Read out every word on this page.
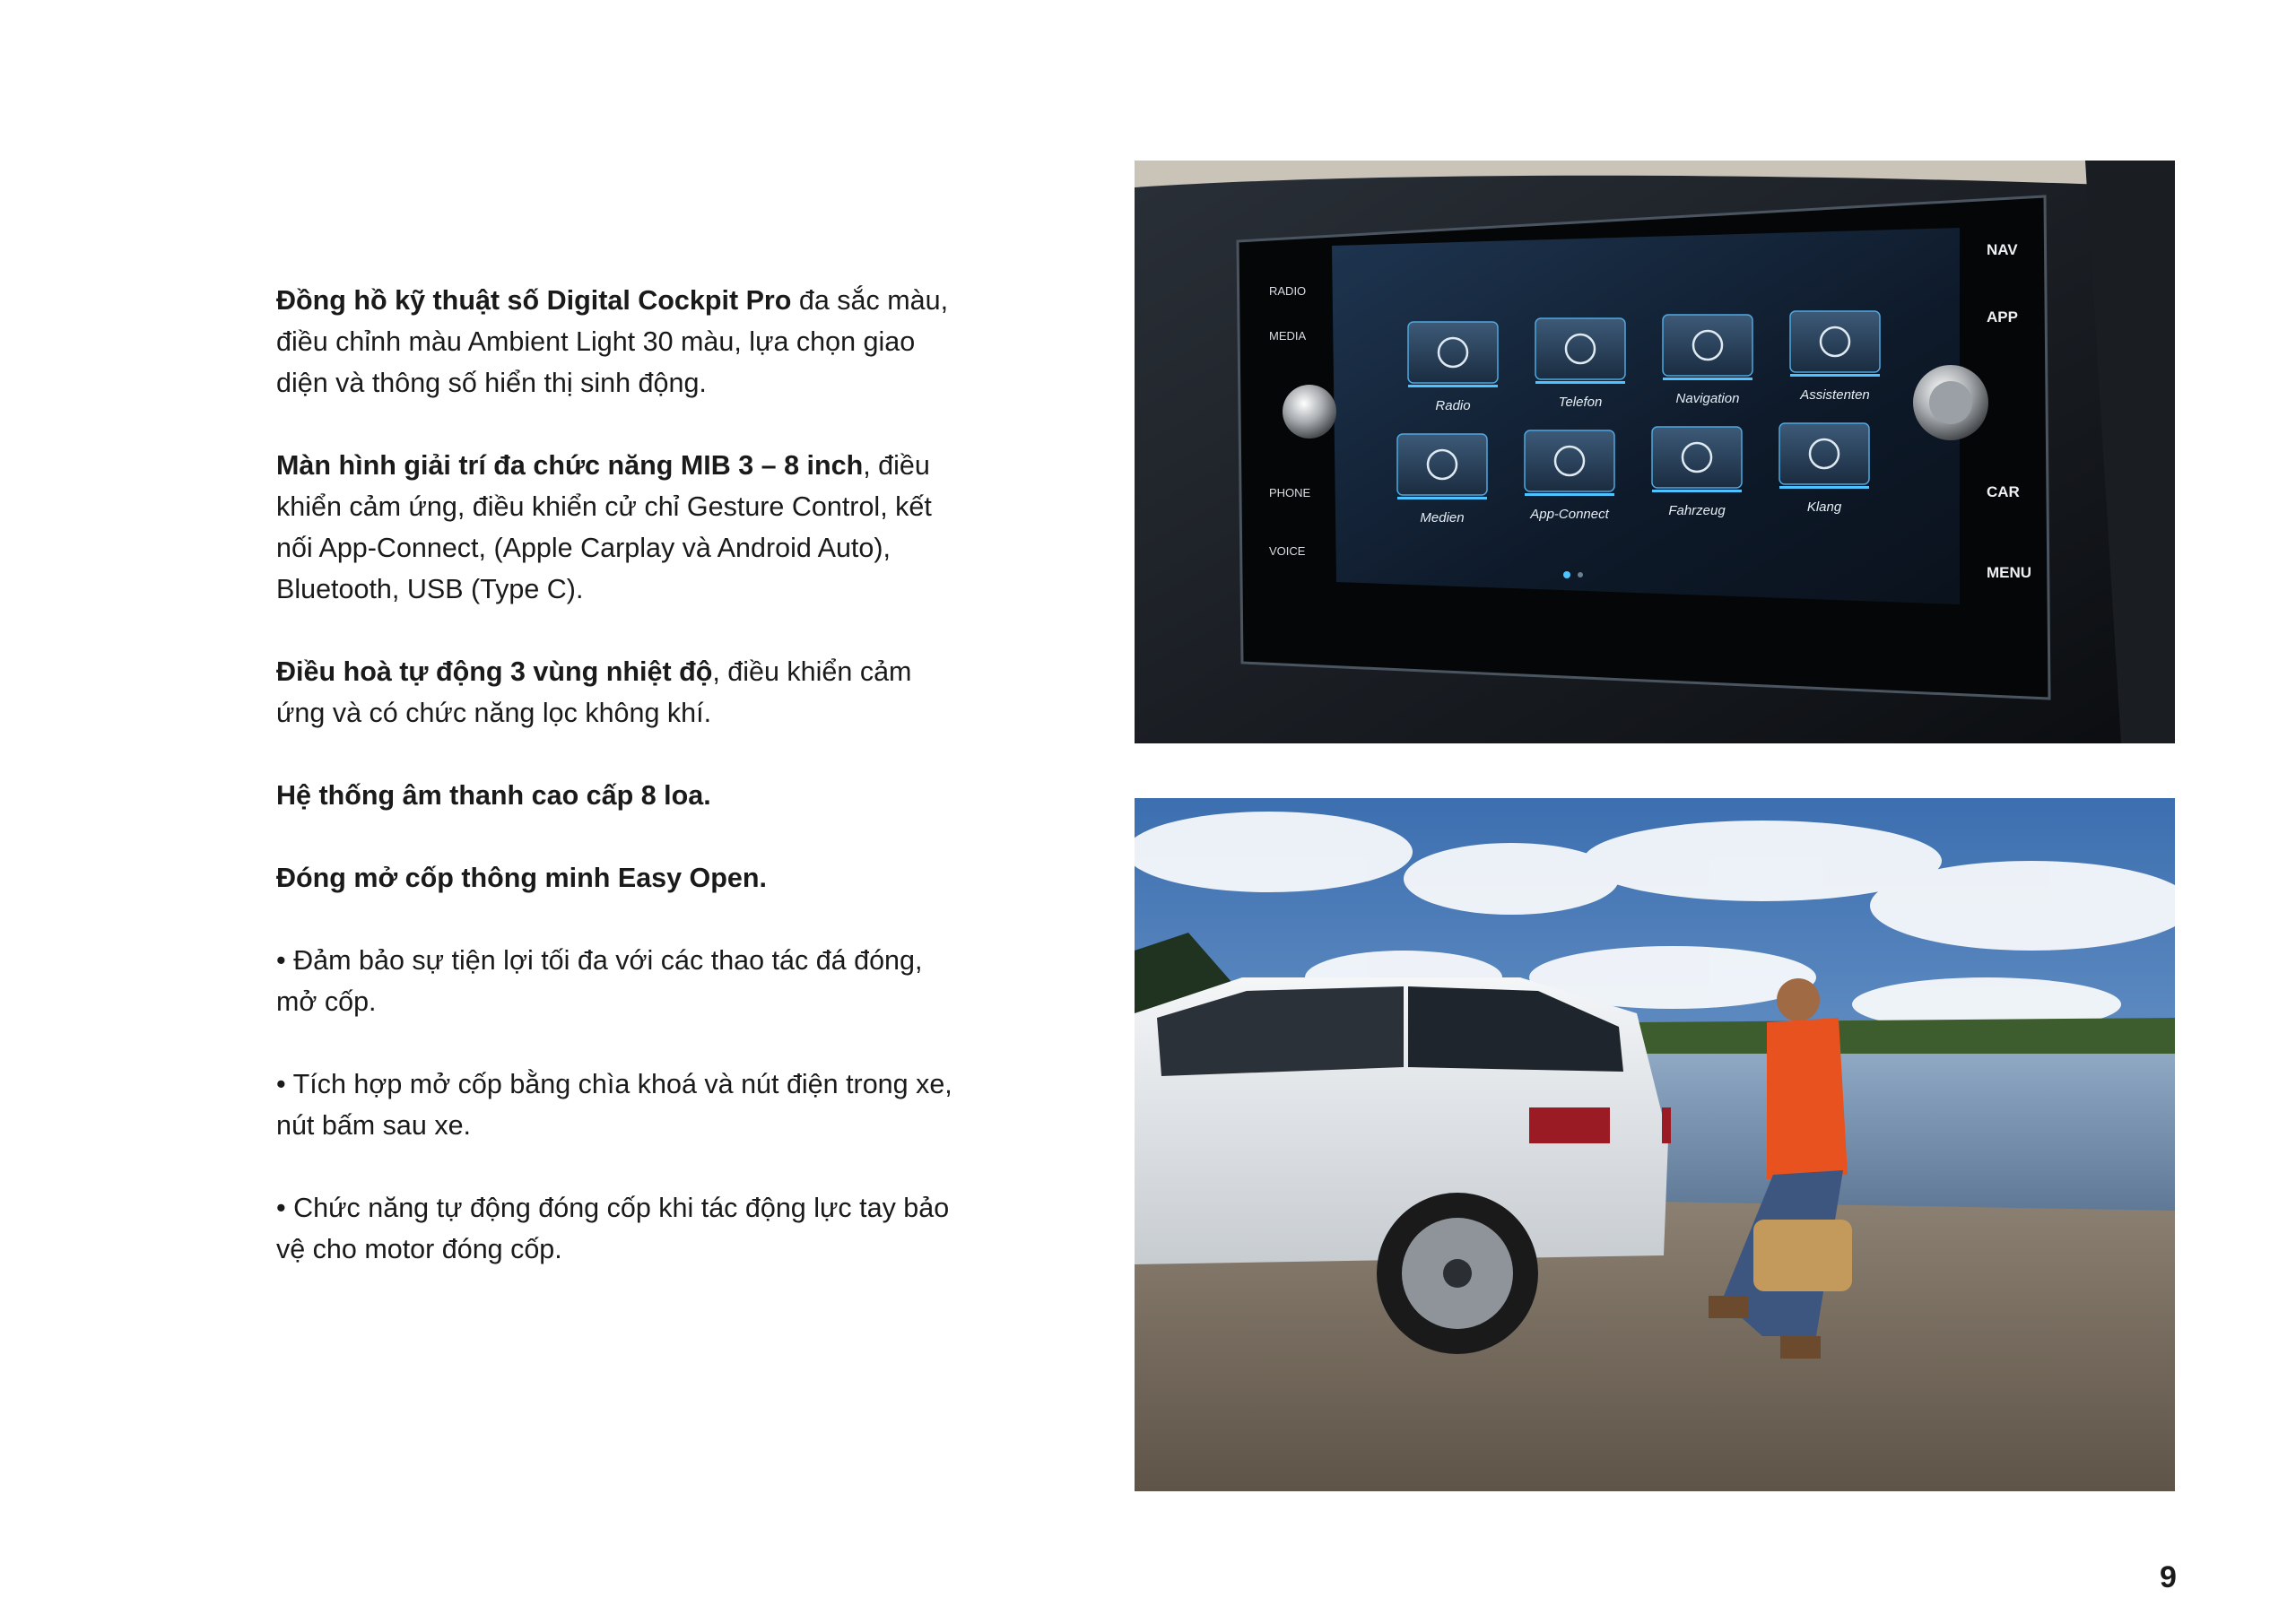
Đồng hồ kỹ thuật số Digital Cockpit Pro đa sắc màu, điều chỉnh màu Ambient Light 30 màu, lựa chọn giao diện và thông số hiển thị sinh động.

Màn hình giải trí đa chức năng MIB 3 – 8 inch, điều khiển cảm ứng, điều khiển cử chỉ Gesture Control, kết nối App-Connect, (Apple Carplay và Android Auto), Bluetooth, USB (Type C).

Điều hoà tự động 3 vùng nhiệt độ, điều khiển cảm ứng và có chức năng lọc không khí.

Hệ thống âm thanh cao cấp 8 loa.

Đóng mở cốp thông minh Easy Open.

• Đảm bảo sự tiện lợi tối đa với các thao tác đá đóng, mở cốp.

• Tích hợp mở cốp bằng chìa khoá và nút điện trong xe, nút bấm sau xe.

• Chức năng tự động đóng cốp khi tác động lực tay bảo vệ cho motor đóng cốp.

Radio	Telefon	Navigation	Assistenten
Medien	App-Connect	Fahrzeug	Klang
RADIO
MEDIA
PHONE
VOICE
NAV
APP
CAR
MENU
9
